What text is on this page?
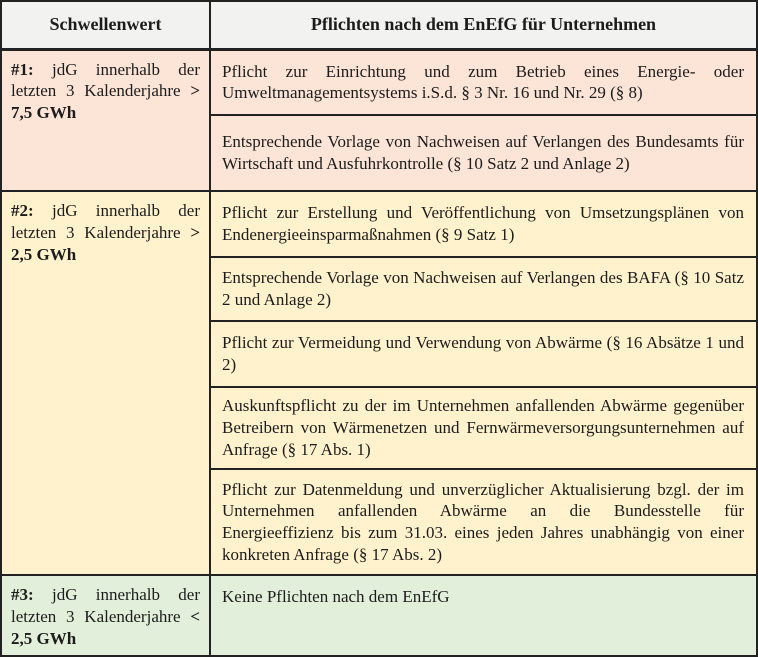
Schwellenwert	Pflichten nach dem EnEfG für Unternehmen
#1: jdG innerhalb der letzten 3 Kalenderjahre > 7,5 GWh	Pflicht zur Einrichtung und zum Betrieb eines Energie- oder Umweltmanagementsystems i.S.d. § 3 Nr. 16 und Nr. 29 (§ 8)
	Entsprechende Vorlage von Nachweisen auf Verlangen des Bundesamts für Wirtschaft und Ausfuhrkontrolle (§ 10 Satz 2 und Anlage 2)
#2: jdG innerhalb der letzten 3 Kalenderjahre > 2,5 GWh	Pflicht zur Erstellung und Veröffentlichung von Umsetzungsplänen von Endenergieeinsparmaßnahmen (§ 9 Satz 1)
	Entsprechende Vorlage von Nachweisen auf Verlangen des BAFA (§ 10 Satz 2 und Anlage 2)
	Pflicht zur Vermeidung und Verwendung von Abwärme (§ 16 Absätze 1 und 2)
	Auskunftspflicht zu der im Unternehmen anfallenden Abwärme gegenüber Betreibern von Wärmenetzen und Fernwärmeversorgungsunternehmen auf Anfrage (§ 17 Abs. 1)
	Pflicht zur Datenmeldung und unverzüglicher Aktualisierung bzgl. der im Unternehmen anfallenden Abwärme an die Bundesstelle für Energieeffizienz bis zum 31.03. eines jeden Jahres unabhängig von einer konkreten Anfrage (§ 17 Abs. 2)
#3: jdG innerhalb der letzten 3 Kalenderjahre < 2,5 GWh	Keine Pflichten nach dem EnEfG
